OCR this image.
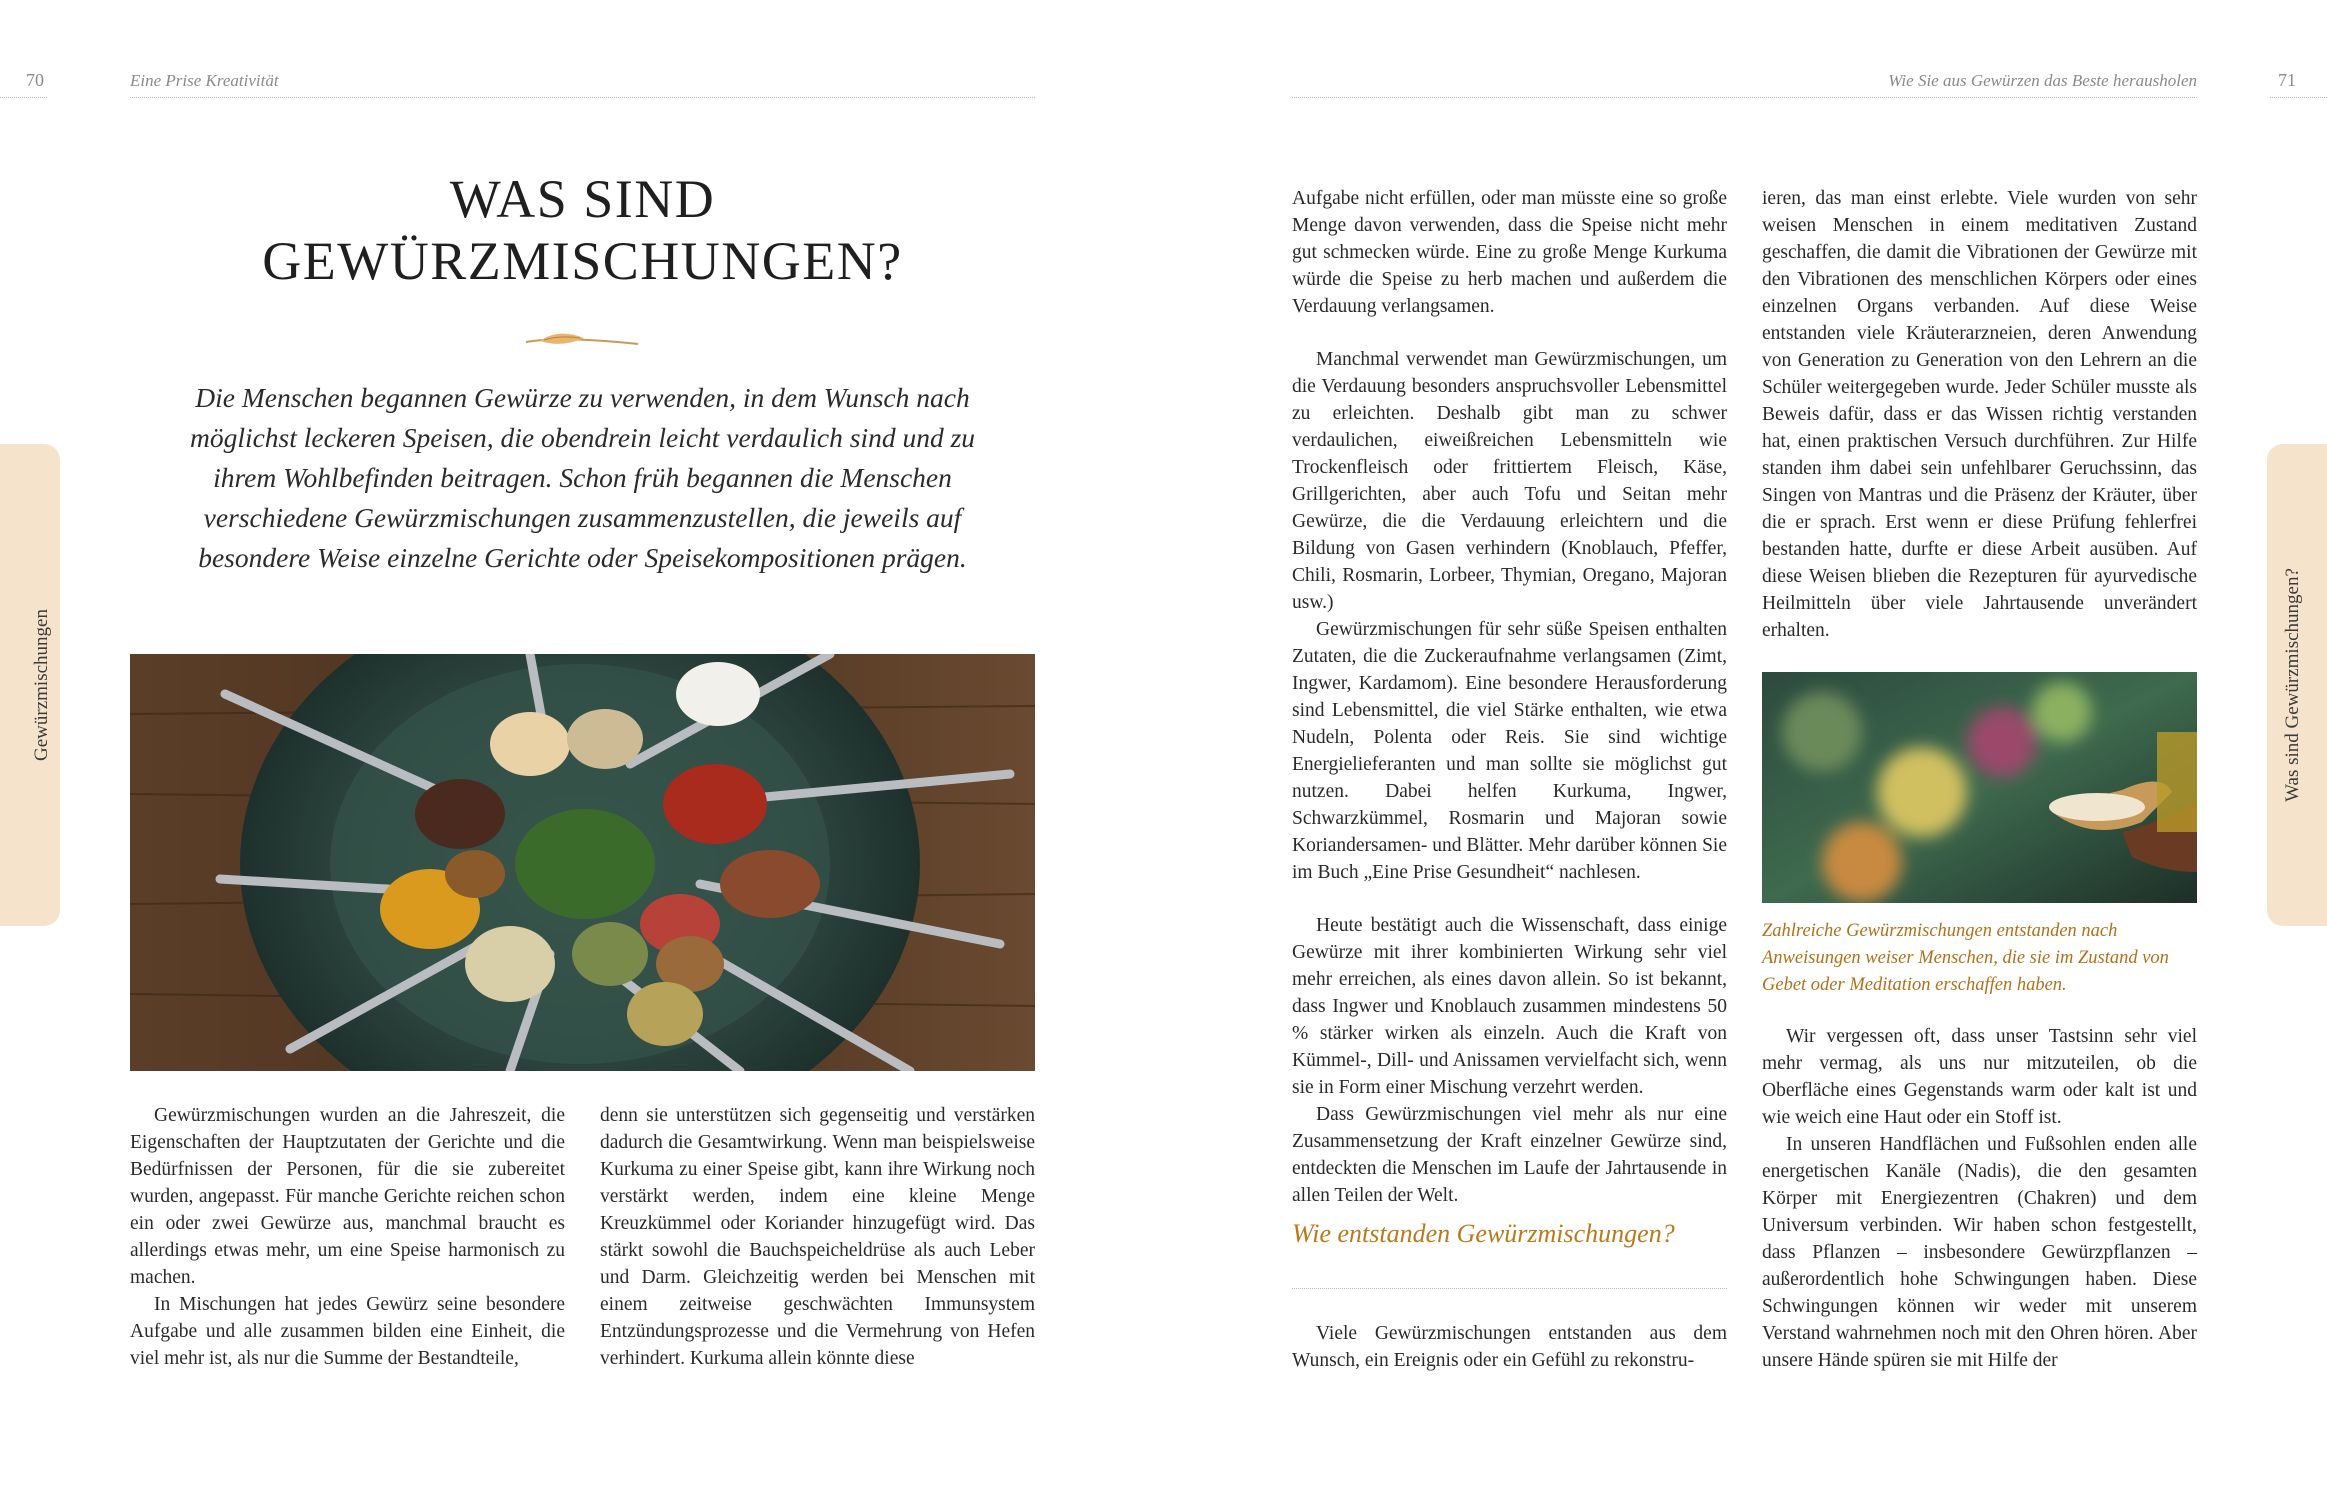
70	Eine Prise Kreativität
WAS SIND
GEWÜRZMISCHUNGEN?
Die Menschen begannen Gewürze zu verwenden, in dem Wunsch nach möglichst leckeren Speisen, die obendrein leicht verdaulich sind und zu ihrem Wohlbefinden beitragen. Schon früh begannen die Menschen verschiedene Gewürzmischungen zusammenzustellen, die jeweils auf besondere Weise einzelne Gerichte oder Speisekompositionen prägen.
Gewürzmischungen

Gewürzmischungen wurden an die Jahreszeit, die Eigenschaften der Hauptzutaten der Gerichte und die Bedürfnissen der Personen, für die sie zubereitet wurden, angepasst. Für manche Gerichte reichen schon ein oder zwei Gewürze aus, manchmal braucht es allerdings etwas mehr, um eine Speise harmonisch zu machen.

In Mischungen hat jedes Gewürz seine besondere Aufgabe und alle zusammen bilden eine Einheit, die viel mehr ist, als nur die Summe der Bestandteile,

denn sie unterstützen sich gegenseitig und verstärken dadurch die Gesamtwirkung. Wenn man beispielsweise Kurkuma zu einer Speise gibt, kann ihre Wirkung noch verstärkt werden, indem eine kleine Menge Kreuzkümmel oder Koriander hinzugefügt wird. Das stärkt sowohl die Bauchspeicheldrüse als auch Leber und Darm. Gleichzeitig werden bei Menschen mit einem zeitweise geschwächten Immunsystem Entzündungsprozesse und die Vermehrung von Hefen verhindert. Kurkuma allein könnte diese

Wie Sie aus Gewürzen das Beste herausholen	71
Was sind Gewürzmischungen?

Aufgabe nicht erfüllen, oder man müsste eine so große Menge davon verwenden, dass die Speise nicht mehr gut schmecken würde. Eine zu große Menge Kurkuma würde die Speise zu herb machen und außerdem die Verdauung verlangsamen.

Manchmal verwendet man Gewürzmischungen, um die Verdauung besonders anspruchsvoller Lebensmittel zu erleichten. Deshalb gibt man zu schwer verdaulichen, eiweißreichen Lebensmitteln wie Trockenfleisch oder frittiertem Fleisch, Käse, Grillgerichten, aber auch Tofu und Seitan mehr Gewürze, die die Verdauung erleichtern und die Bildung von Gasen verhindern (Knoblauch, Pfeffer, Chili, Rosmarin, Lorbeer, Thymian, Oregano, Majoran usw.)

Gewürzmischungen für sehr süße Speisen enthalten Zutaten, die die Zuckeraufnahme verlangsamen (Zimt, Ingwer, Kardamom). Eine besondere Herausforderung sind Lebensmittel, die viel Stärke enthalten, wie etwa Nudeln, Polenta oder Reis. Sie sind wichtige Energielieferanten und man sollte sie möglichst gut nutzen. Dabei helfen Kurkuma, Ingwer, Schwarzkümmel, Rosmarin und Majoran sowie Koriandersamen- und Blätter. Mehr darüber können Sie im Buch „Eine Prise Gesundheit“ nachlesen.

Heute bestätigt auch die Wissenschaft, dass einige Gewürze mit ihrer kombinierten Wirkung sehr viel mehr erreichen, als eines davon allein. So ist bekannt, dass Ingwer und Knoblauch zusammen mindestens 50 % stärker wirken als einzeln. Auch die Kraft von Kümmel-, Dill- und Anissamen vervielfacht sich, wenn sie in Form einer Mischung verzehrt werden.

Dass Gewürzmischungen viel mehr als nur eine Zusammensetzung der Kraft einzelner Gewürze sind, entdeckten die Menschen im Laufe der Jahrtausende in allen Teilen der Welt.

Wie entstanden Gewürzmischungen?

Viele Gewürzmischungen entstanden aus dem Wunsch, ein Ereignis oder ein Gefühl zu rekonstru-

ieren, das man einst erlebte. Viele wurden von sehr weisen Menschen in einem meditativen Zustand geschaffen, die damit die Vibrationen der Gewürze mit den Vibrationen des menschlichen Körpers oder eines einzelnen Organs verbanden. Auf diese Weise entstanden viele Kräuterarzneien, deren Anwendung von Generation zu Generation von den Lehrern an die Schüler weitergegeben wurde. Jeder Schüler musste als Beweis dafür, dass er das Wissen richtig verstanden hat, einen praktischen Versuch durchführen. Zur Hilfe standen ihm dabei sein unfehlbarer Geruchssinn, das Singen von Mantras und die Präsenz der Kräuter, über die er sprach. Erst wenn er diese Prüfung fehlerfrei bestanden hatte, durfte er diese Arbeit ausüben. Auf diese Weisen blieben die Rezepturen für ayurvedische Heilmitteln über viele Jahrtausende unverändert erhalten.

Zahlreiche Gewürzmischungen entstanden nach Anweisungen weiser Menschen, die sie im Zustand von Gebet oder Meditation erschaffen haben.

Wir vergessen oft, dass unser Tastsinn sehr viel mehr vermag, als uns nur mitzuteilen, ob die Oberfläche eines Gegenstands warm oder kalt ist und wie weich eine Haut oder ein Stoff ist.

In unseren Handflächen und Fußsohlen enden alle energetischen Kanäle (Nadis), die den gesamten Körper mit Energiezentren (Chakren) und dem Universum verbinden. Wir haben schon festgestellt, dass Pflanzen – insbesondere Gewürzpflanzen – außerordentlich hohe Schwingungen haben. Diese Schwingungen können wir weder mit unserem Verstand wahrnehmen noch mit den Ohren hören. Aber unsere Hände spüren sie mit Hilfe der
